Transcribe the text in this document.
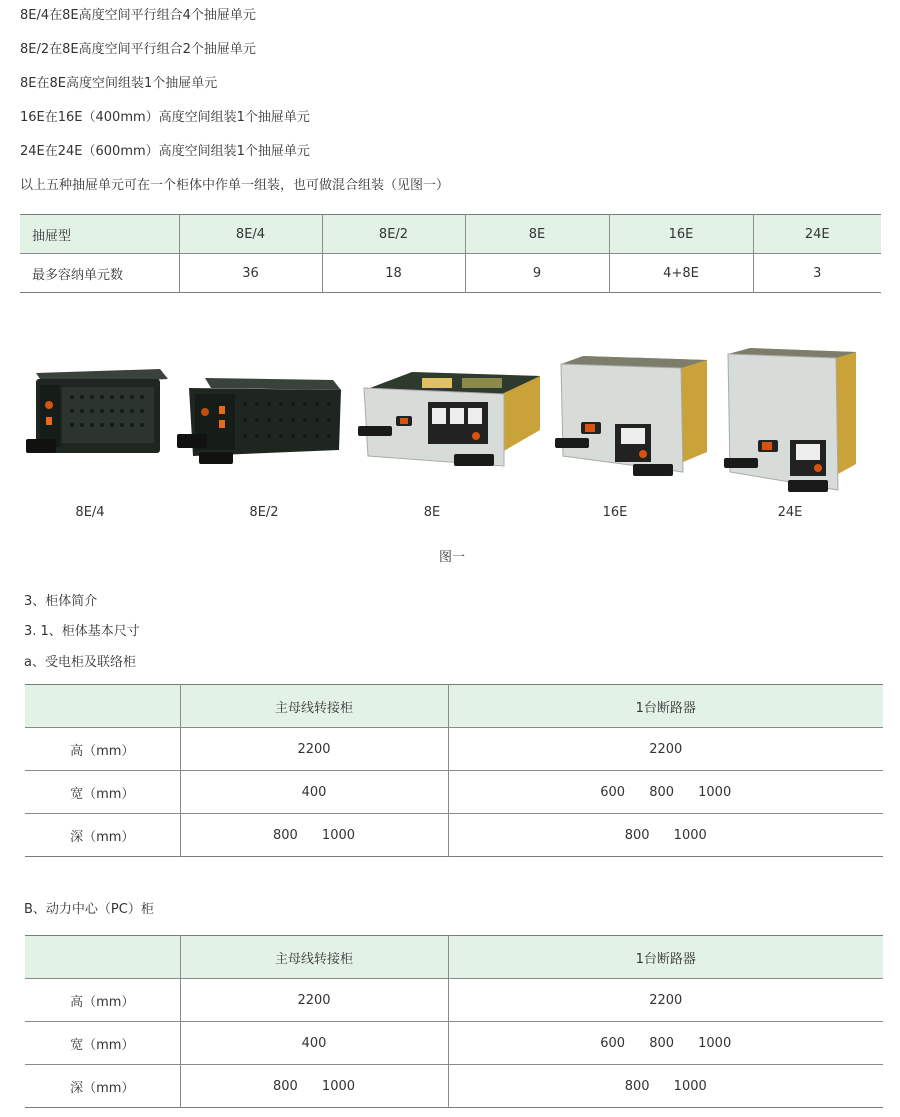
8E/4在8E高度空间平行组合4个抽屉单元
8E/2在8E高度空间平行组合2个抽屉单元
8E在8E高度空间组装1个抽屉单元
16E在16E（400mm）高度空间组装1个抽屉单元
24E在24E（600mm）高度空间组装1个抽屉单元
以上五种抽屉单元可在一个柜体中作单一组装，也可做混合组装（见图一）
抽屉型	8E/4	8E/2	8E	16E	24E
最多容纳单元数	36	18	9	4+8E	3
8E/4	8E/2	8E	16E	24E
图一
3、柜体简介
3. 1、柜体基本尺寸
a、受电柜及联络柜
	主母线转接柜	1台断路器
高（mm）	2200	2200
宽（mm）	400	600 800 1000
深（mm）	800 1000	800 1000
B、动力中心（PC）柜
	主母线转接柜	1台断路器
高（mm）	2200	2200
宽（mm）	400	600 800 1000
深（mm）	800 1000	800 1000
